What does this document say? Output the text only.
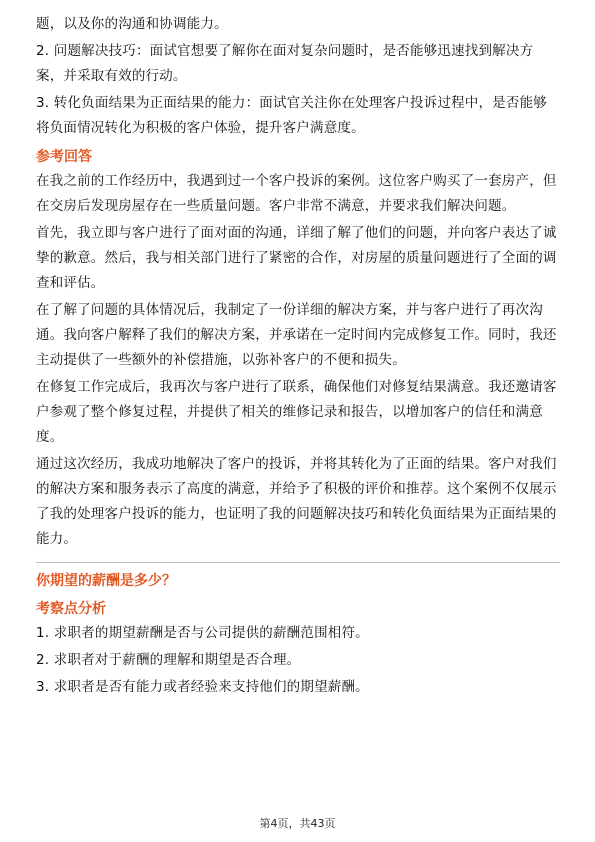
题，以及你的沟通和协调能力。

2. 问题解决技巧：面试官想要了解你在面对复杂问题时，是否能够迅速找到解决方案，并采取有效的行动。

3. 转化负面结果为正面结果的能力：面试官关注你在处理客户投诉过程中，是否能够将负面情况转化为积极的客户体验，提升客户满意度。

参考回答

在我之前的工作经历中，我遇到过一个客户投诉的案例。这位客户购买了一套房产，但在交房后发现房屋存在一些质量问题。客户非常不满意，并要求我们解决问题。

首先，我立即与客户进行了面对面的沟通，详细了解了他们的问题，并向客户表达了诚挚的歉意。然后，我与相关部门进行了紧密的合作，对房屋的质量问题进行了全面的调查和评估。

在了解了问题的具体情况后，我制定了一份详细的解决方案，并与客户进行了再次沟通。我向客户解释了我们的解决方案，并承诺在一定时间内完成修复工作。同时，我还主动提供了一些额外的补偿措施，以弥补客户的不便和损失。

在修复工作完成后，我再次与客户进行了联系，确保他们对修复结果满意。我还邀请客户参观了整个修复过程，并提供了相关的维修记录和报告，以增加客户的信任和满意度。

通过这次经历，我成功地解决了客户的投诉，并将其转化为了正面的结果。客户对我们的解决方案和服务表示了高度的满意，并给予了积极的评价和推荐。这个案例不仅展示了我的处理客户投诉的能力，也证明了我的问题解决技巧和转化负面结果为正面结果的能力。

你期望的薪酬是多少？
考察点分析

1. 求职者的期望薪酬是否与公司提供的薪酬范围相符。

2. 求职者对于薪酬的理解和期望是否合理。

3. 求职者是否有能力或者经验来支持他们的期望薪酬。

第4页，共43页
